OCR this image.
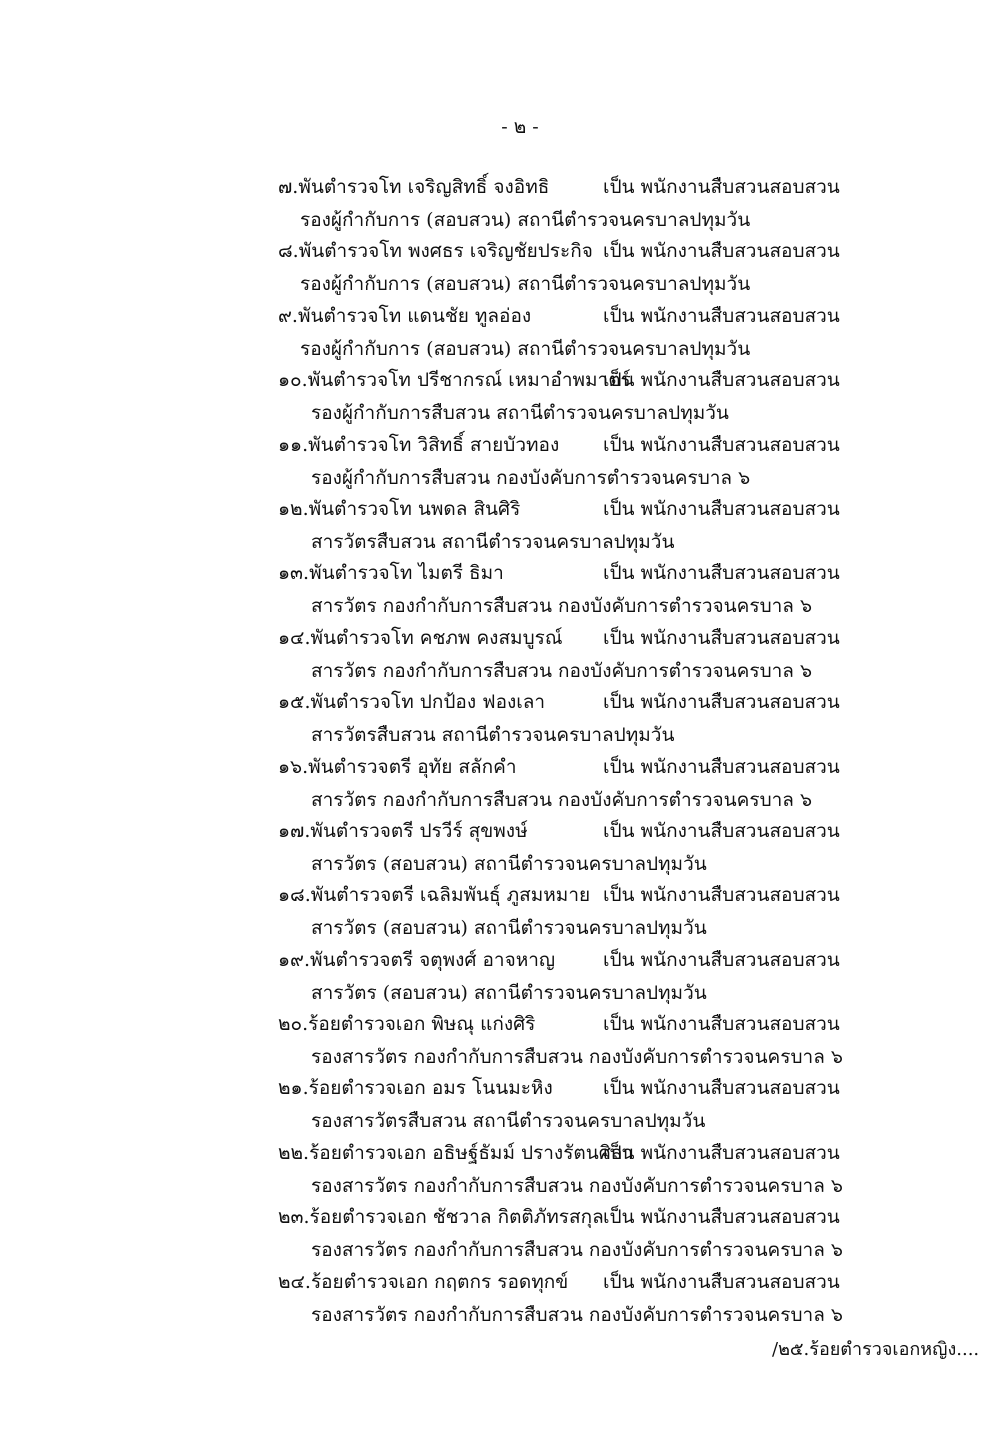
- ๒ -
๗.พันตำรวจโท เจริญสิทธิ์ จงอิทธิ	เป็น พนักงานสืบสวนสอบสวน
รองผู้กำกับการ (สอบสวน) สถานีตำรวจนครบาลปทุมวัน
๘.พันตำรวจโท พงศธร เจริญชัยประกิจ เป็น พนักงานสืบสวนสอบสวน
รองผู้กำกับการ (สอบสวน) สถานีตำรวจนครบาลปทุมวัน
๙.พันตำรวจโท แดนชัย ทูลอ่อง	เป็น พนักงานสืบสวนสอบสวน
รองผู้กำกับการ (สอบสวน) สถานีตำรวจนครบาลปทุมวัน
๑๐.พันตำรวจโท ปรีชากรณ์ เหมาอำพมาตร์
เป็น พนักงานสืบสวนสอบสวน
รองผู้กำกับการสืบสวน สถานีตำรวจนครบาลปทุมวัน
๑๑.พันตำรวจโท วิสิทธิ์ สายบัวทอง เป็น พนักงานสืบสวนสอบสวน
รองผู้กำกับการสืบสวน กองบังคับการตำรวจนครบาล ๖
๑๒.พันตำรวจโท นพดล สินศิริ	เป็น พนักงานสืบสวนสอบสวน
สารวัตรสืบสวน สถานีตำรวจนครบาลปทุมวัน
๑๓.พันตำรวจโท ไมตรี ธิมา	เป็น พนักงานสืบสวนสอบสวน
สารวัตร กองกำกับการสืบสวน กองบังคับการตำรวจนครบาล ๖
๑๔.พันตำรวจโท คชภพ คงสมบูรณ์ เป็น พนักงานสืบสวนสอบสวน
สารวัตร กองกำกับการสืบสวน กองบังคับการตำรวจนครบาล ๖
๑๕.พันตำรวจโท ปกป้อง ฟองเลา	เป็น พนักงานสืบสวนสอบสวน
สารวัตรสืบสวน สถานีตำรวจนครบาลปทุมวัน
๑๖.พันตำรวจตรี อุทัย สลักคำ	เป็น พนักงานสืบสวนสอบสวน
สารวัตร กองกำกับการสืบสวน กองบังคับการตำรวจนครบาล ๖
๑๗.พันตำรวจตรี ปรวีร์ สุขพงษ์	เป็น พนักงานสืบสวนสอบสวน
สารวัตร (สอบสวน) สถานีตำรวจนครบาลปทุมวัน
๑๘.พันตำรวจตรี เฉลิมพันธุ์ ภูสมหมาย เป็น พนักงานสืบสวนสอบสวน
สารวัตร (สอบสวน) สถานีตำรวจนครบาลปทุมวัน
๑๙.พันตำรวจตรี จตุพงศ์ อาจหาญ	เป็น พนักงานสืบสวนสอบสวน
สารวัตร (สอบสวน) สถานีตำรวจนครบาลปทุมวัน
๒๐.ร้อยตำรวจเอก พิษณุ แก่งศิริ	เป็น พนักงานสืบสวนสอบสวน
รองสารวัตร กองกำกับการสืบสวน กองบังคับการตำรวจนครบาล ๖
๒๑.ร้อยตำรวจเอก อมร โนนมะหิง	เป็น พนักงานสืบสวนสอบสวน
รองสารวัตรสืบสวน สถานีตำรวจนครบาลปทุมวัน
๒๒.ร้อยตำรวจเอก อธิษฐ์ธัมม์ ปรางรัตนศิลา
เป็น พนักงานสืบสวนสอบสวน
รองสารวัตร กองกำกับการสืบสวน กองบังคับการตำรวจนครบาล ๖
๒๓.ร้อยตำรวจเอก ชัชวาล กิตติภัทรสกุล เป็น พนักงานสืบสวนสอบสวน
รองสารวัตร กองกำกับการสืบสวน กองบังคับการตำรวจนครบาล ๖
๒๔.ร้อยตำรวจเอก กฤตกร รอดทุกข์ เป็น พนักงานสืบสวนสอบสวน
รองสารวัตร กองกำกับการสืบสวน กองบังคับการตำรวจนครบาล ๖
/๒๕.ร้อยตำรวจเอกหญิง....
